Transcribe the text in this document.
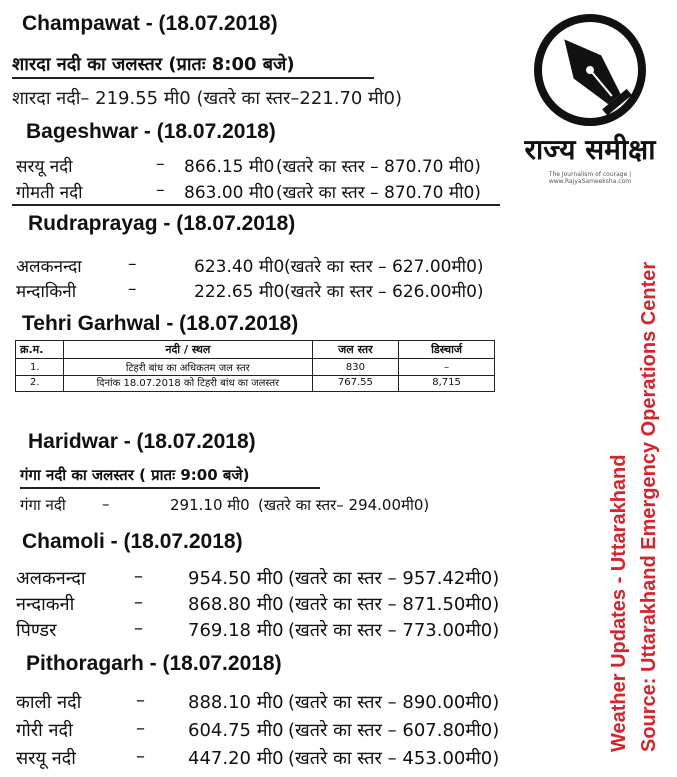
Champawat - (18.07.2018)
शारदा नदी का जलस्तर (प्रातः 8:00 बजे)
शारदा नदी– 219.55 मी0 (खतरे का स्तर–221.70 मी0)
Bageshwar - (18.07.2018)
सरयू नदी	– 866.15 मी0 (खतरे का स्तर – 870.70 मी0)
गोमती नदी	– 863.00 मी0 (खतरे का स्तर – 870.70 मी0)
Rudraprayag - (18.07.2018)
अलकनन्दा	–	623.40 मी0 (खतरे का स्तर – 627.00मी0)
मन्दाकिनी	–	222.65 मी0 (खतरे का स्तर – 626.00मी0)
Tehri Garhwal - (18.07.2018)
क्र.म.	नदी / स्थल	जल स्तर	डिस्चार्ज
1.	टिहरी बांध का अधिकतम जल स्तर	830	–
2.	दिनांक 18.07.2018 को टिहरी बांध का जलस्तर	767.55	8,715
Haridwar - (18.07.2018)
गंगा नदी का जलस्तर ( प्रातः 9:00 बजे)
गंगा नदी –	291.10 मी0 (खतरे का स्तर– 294.00मी0)
Chamoli - (18.07.2018)
अलकनन्दा	–	954.50 मी0 (खतरे का स्तर – 957.42मी0)
नन्दाकनी	–	868.80 मी0 (खतरे का स्तर – 871.50मी0)
पिण्डर	–	769.18 मी0 (खतरे का स्तर – 773.00मी0)
Pithoragarh - (18.07.2018)
काली नदी	– 888.10 मी0 (खतरे का स्तर – 890.00मी0)
गोरी नदी	– 604.75 मी0 (खतरे का स्तर – 607.80मी0)
सरयू नदी	– 447.20 मी0 (खतरे का स्तर – 453.00मी0)
राज्य समीक्षा
The Journalism of courage | www.RajyaSameeksha.com
Weather Updates - Uttarakhand Source: Uttarakhand Emergency Operations Center
